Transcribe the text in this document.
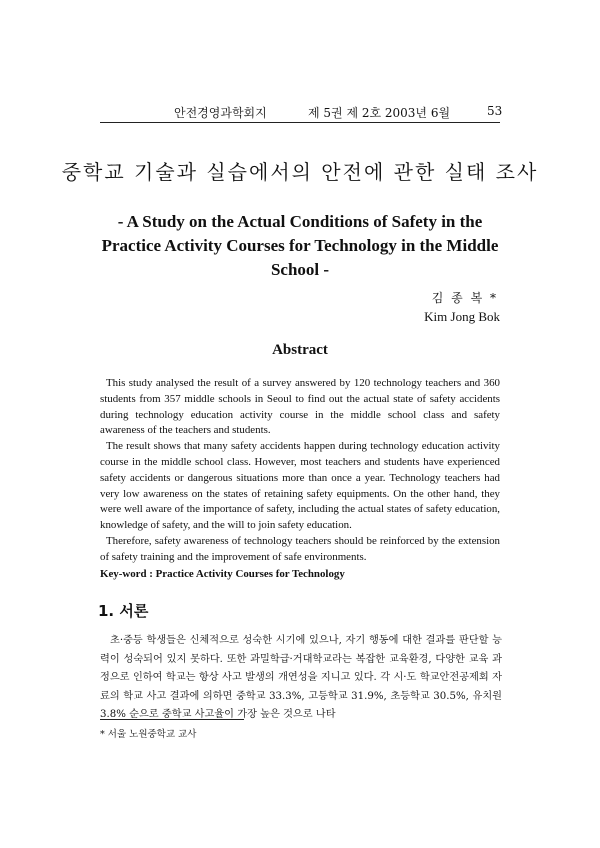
안전경영과학회지	제 5권 제 2호 2003년 6월	53
중학교 기술과 실습에서의 안전에 관한 실태 조사
- A Study on the Actual Conditions of Safety in the Practice Activity Courses for Technology in the Middle School -
김 종 복 *
Kim Jong Bok
Abstract

This study analysed the result of a survey answered by 120 technology teachers and 360 students from 357 middle schools in Seoul to find out the actual state of safety accidents during technology education activity course in the middle school class and safety awareness of the teachers and students.

The result shows that many safety accidents happen during technology education activity course in the middle school class. However, most teachers and students have experienced safety accidents or dangerous situations more than once a year. Technology teachers had very low awareness on the states of retaining safety equipments. On the other hand, they were well aware of the importance of safety, including the actual states of safety education, knowledge of safety, and the will to join safety education.

Therefore, safety awareness of technology teachers should be reinforced by the extension of safety training and the improvement of safe environments.

Key-word : Practice Activity Courses for Technology
1. 서론

초·중등 학생들은 신체적으로 성숙한 시기에 있으나, 자기 행동에 대한 결과를 판단할 능력이 성숙되어 있지 못하다. 또한 과밀학급·거대학교라는 복잡한 교육환경, 다양한 교육 과정으로 인하여 학교는 항상 사고 발생의 개연성을 지니고 있다. 각 시·도 학교안전공제회 자료의 학교 사고 결과에 의하면 중학교 33.3%, 고등학교 31.9%, 초등학교 30.5%, 유치원 3.8% 순으로 중학교 사고율이 가장 높은 것으로 나타

* 서울 노원중학교 교사
